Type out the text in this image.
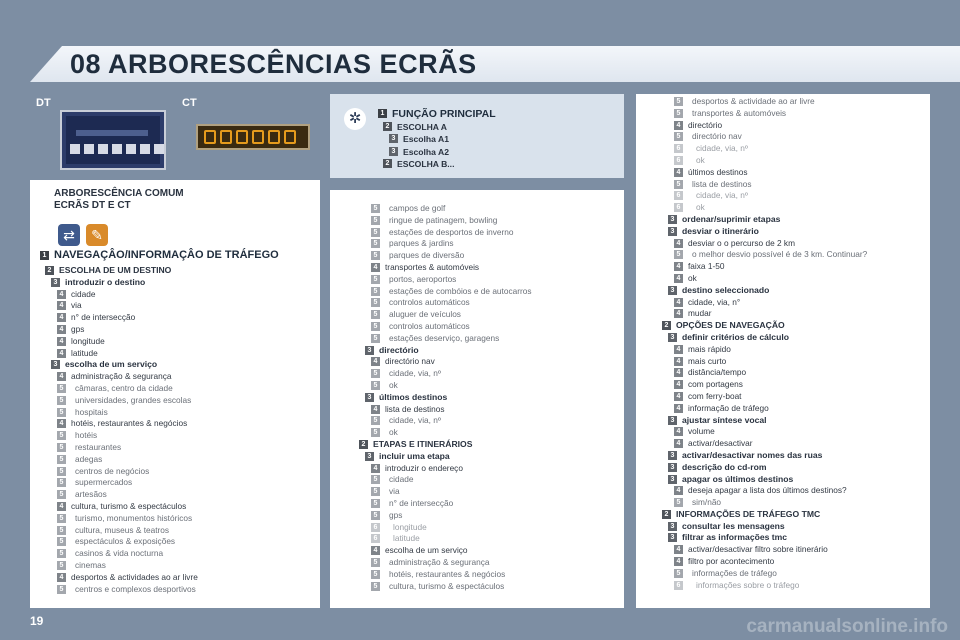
08 ARBORESCÊNCIAS ECRÃS
DT	CT
✲
ARBORESCÊNCIA COMUM
ECRÃS DT E CT
⇄	✎
1 FUNÇÃO PRINCIPAL
2 ESCOLHA A
3 Escolha A1
3 Escolha A2
2 ESCOLHA B...
1 NAVEGAÇÂO/INFORMAÇÂO DE TRÁFEGO
2 ESCOLHA DE UM DESTINO
3 introduzir o destino
4 cidade
4 via
4 n° de intersecção
4 gps
4 longitude
4 latitude
3 escolha de um serviço
4 administração & segurança
5	câmaras, centro da cidade
5	universidades, grandes escolas
5	hospitais
4 hotéis, restaurantes & negócios
5	hotéis
5	restaurantes
5	adegas
5	centros de negócios
5	supermercados
5	artesãos
4 cultura, turismo & espectáculos
5	turismo, monumentos históricos
5	cultura, museus & teatros
5	espectáculos & exposições
5	casinos & vida nocturna
5	cinemas
4 desportos & actividades ao ar livre
5	centros e complexos desportivos
5	campos de golf
5	ringue de patinagem, bowling
5	estações de desportos de inverno
5	parques & jardins
5	parques de diversão
4 transportes & automóveis
5	portos, aeroportos
5	estações de combóios e de autocarros
5	controlos automáticos
5	aluguer de veículos
5	controlos automáticos
5	estações deserviço, garagens
3 directório
4 directório nav
5	cidade, via, nº
5	ok
3 últimos destinos
4 lista de destinos
5	cidade, via, nº
5	ok
2 ETAPAS E ITINERÁRIOS
3 incluir uma etapa
4 introduzir o endereço
5	cidade
5	via
5	n° de intersecção
5	gps
6	longitude
6	latitude
4 escolha de um serviço
5	administração & segurança
5	hotéis, restaurantes & negócios
5	cultura, turismo & espectáculos
5	desportos & actividade ao ar livre
5	transportes & automóveis
4 directório
5	directório nav
6	cidade, via, nº
6	ok
4 últimos destinos
5	lista de destinos
6	cidade, via, nº
6	ok
3 ordenar/suprimir etapas
3 desviar o itinerário
4 desviar o o percurso de 2 km
5	o melhor desvio possível é de 3 km. Continuar?
4 faixa 1-50
4 ok
3 destino seleccionado
4 cidade, via, n°
4 mudar
2 OPÇÕES DE NAVEGAÇÃO
3 definir critérios de cálculo
4 mais rápido
4 mais curto
4 distância/tempo
4 com portagens
4 com ferry-boat
4 informação de tráfego
3 ajustar síntese vocal
4 volume
4 activar/desactivar
3 activar/desactivar nomes das ruas
3 descrição do cd-rom
3 apagar os últimos destinos
4 deseja apagar a lista dos últimos destinos?
5	sim/não
2 INFORMAÇÕES DE TRÁFEGO TMC
3 consultar les mensagens
3 filtrar as informações tmc
4 activar/desactivar filtro sobre itinerário
4 filtro por acontecimento
5	informações de tráfego
6	informações sobre o tráfego
19	carmanualsonline.info
